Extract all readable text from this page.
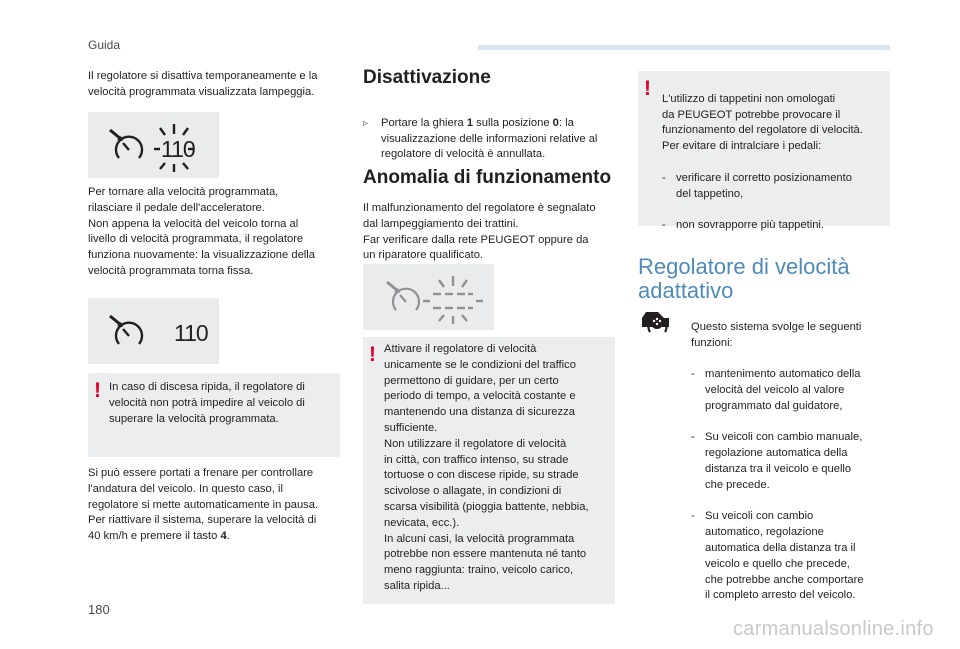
Guida
Il regolatore si disattiva temporaneamente e la
velocità programmata visualizzata lampeggia.
110
Per tornare alla velocità programmata,
rilasciare il pedale dell'acceleratore.
Non appena la velocità del veicolo torna al
livello di velocità programmata, il regolatore
funziona nuovamente: la visualizzazione della
velocità programmata torna fissa.
110
! In caso di discesa ripida, il regolatore di
velocità non potrà impedire al veicolo di
superare la velocità programmata.
Si può essere portati a frenare per controllare
l'andatura del veicolo. In questo caso, il
regolatore si mette automaticamente in pausa.
Per riattivare il sistema, superare la velocità di
40 km/h e premere il tasto 4.
Disattivazione

▹	Portare la ghiera 1 sulla posizione 0: la
visualizzazione delle informazioni relative al
regolatore di velocità è annullata.

Anomalia di funzionamento
Il malfunzionamento del regolatore è segnalato
dal lampeggiamento dei trattini.
Far verificare dalla rete PEUGEOT oppure da
un riparatore qualificato.
! Attivare il regolatore di velocità
unicamente se le condizioni del traffico
permettono di guidare, per un certo
periodo di tempo, a velocità costante e
mantenendo una distanza di sicurezza
sufficiente.
Non utilizzare il regolatore di velocità
in città, con traffico intenso, su strade
tortuose o con discese ripide, su strade
scivolose o allagate, in condizioni di
scarsa visibilità (pioggia battente, nebbia,
nevicata, ecc.).
In alcuni casi, la velocità programmata
potrebbe non essere mantenuta né tanto
meno raggiunta: traino, veicolo carico,
salita ripida...
! L'utilizzo di tappetini non omologati
da PEUGEOT potrebbe provocare il
funzionamento del regolatore di velocità.
Per evitare di intralciare i pedali:

- verificare il corretto posizionamento
del tappetino,

- non sovrapporre più tappetini.

Regolatore di velocità
adattativo

Questo sistema svolge le seguenti
funzioni:

- mantenimento automatico della
velocità del veicolo al valore
programmato dal guidatore,

- Su veicoli con cambio manuale,
regolazione automatica della
distanza tra il veicolo e quello
che precede.

- Su veicoli con cambio
automatico, regolazione
automatica della distanza tra il
veicolo e quello che precede,
che potrebbe anche comportare
il completo arresto del veicolo.

180
carmanualsonline.info
